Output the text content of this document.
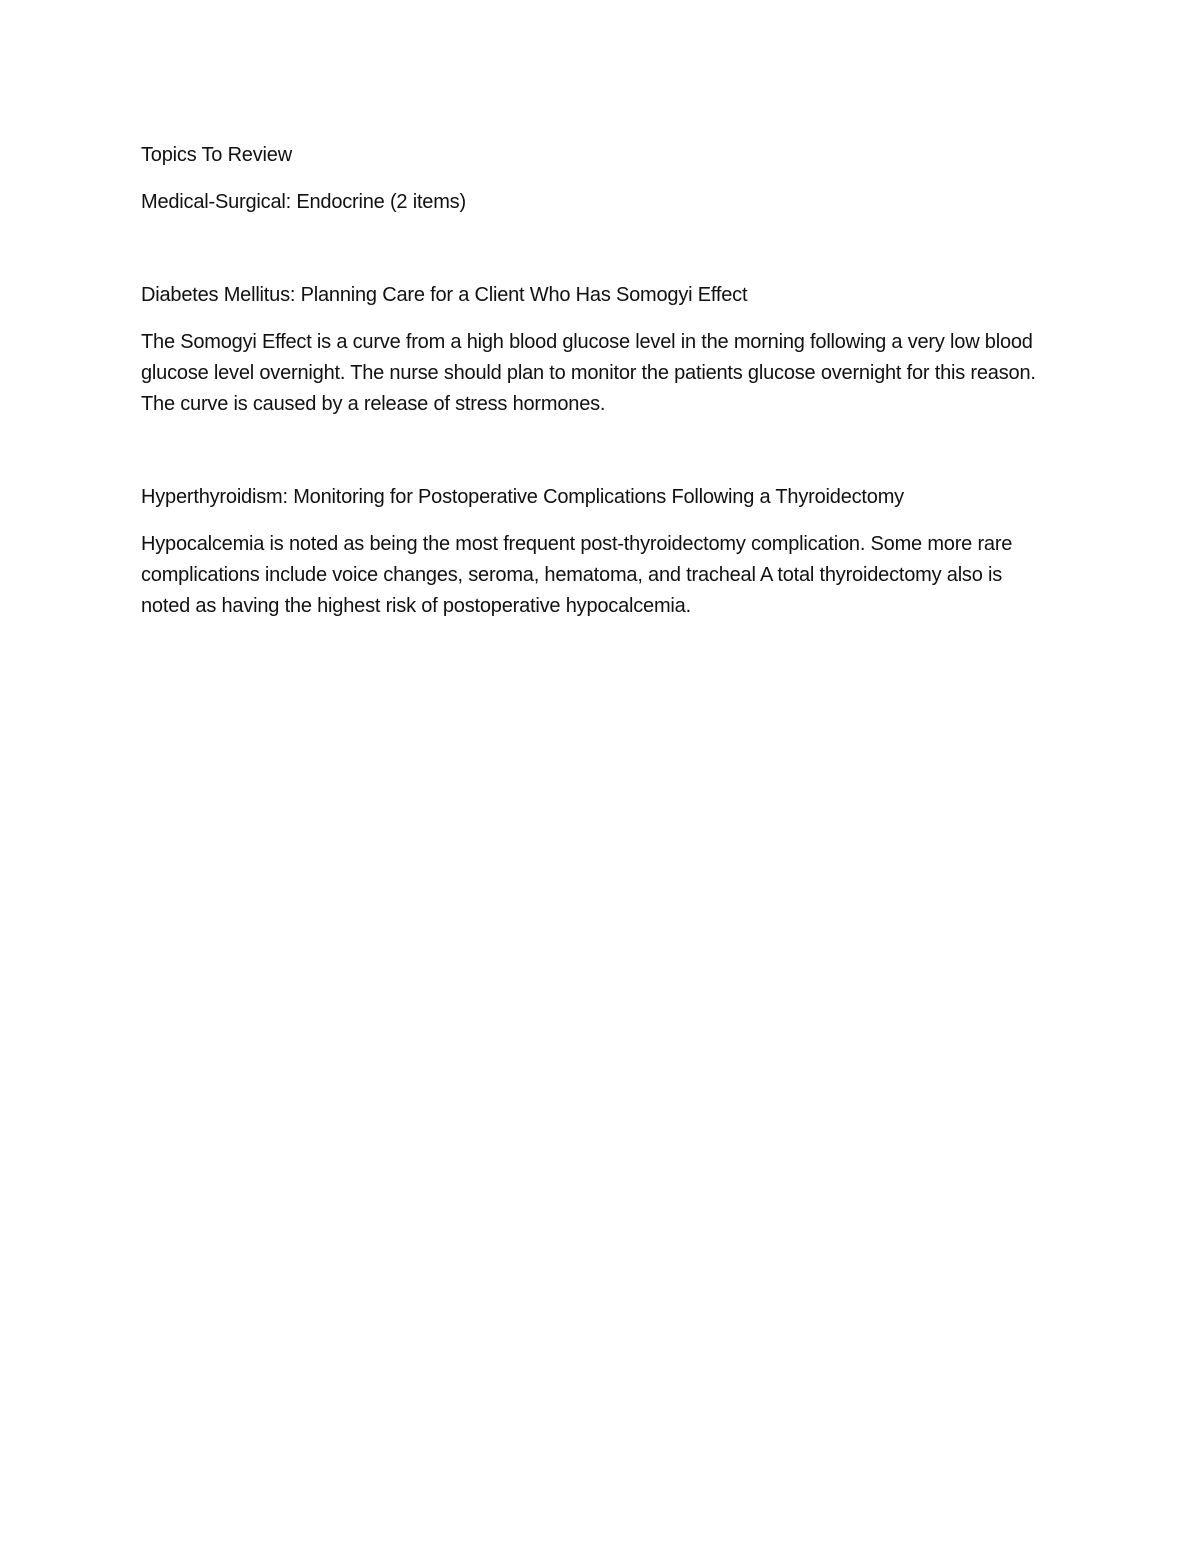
Topics To Review

Medical-Surgical: Endocrine (2 items)

Diabetes Mellitus: Planning Care for a Client Who Has Somogyi Effect

The Somogyi Effect is a curve from a high blood glucose level in the morning following a very low blood glucose level overnight. The nurse should plan to monitor the patients glucose overnight for this reason. The curve is caused by a release of stress hormones.

Hyperthyroidism: Monitoring for Postoperative Complications Following a Thyroidectomy

Hypocalcemia is noted as being the most frequent post-thyroidectomy complication. Some more rare complications include voice changes, seroma, hematoma, and tracheal A total thyroidectomy also is noted as having the highest risk of postoperative hypocalcemia.
